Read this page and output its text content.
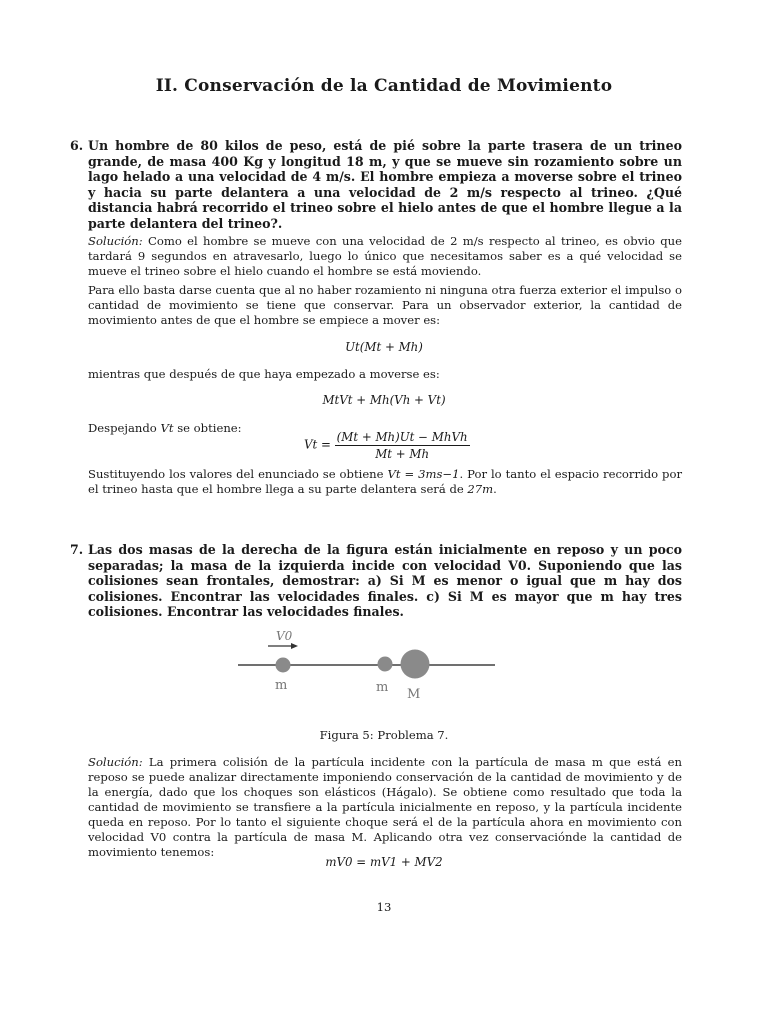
II. Conservación de la Cantidad de Movimiento
6. Un hombre de 80 kilos de peso, está de pié sobre la parte trasera de un trineo grande, de masa 400 Kg y longitud 18 m, y que se mueve sin rozamiento sobre un lago helado a una velocidad de 4 m/s. El hombre empieza a moverse sobre el trineo y hacia su parte delantera a una velocidad de 2 m/s respecto al trineo. ¿Qué distancia habrá recorrido el trineo sobre el hielo antes de que el hombre llegue a la parte delantera del trineo?.
Solución: Como el hombre se mueve con una velocidad de 2 m/s respecto al trineo, es obvio que tardará 9 segundos en atravesarlo, luego lo único que necesitamos saber es a qué velocidad se mueve el trineo sobre el hielo cuando el hombre se está moviendo.
Para ello basta darse cuenta que al no haber rozamiento ni ninguna otra fuerza exterior el impulso o cantidad de movimiento se tiene que conservar. Para un observador exterior, la cantidad de movimiento antes de que el hombre se empiece a mover es:
Ut(Mt + Mh)
mientras que después de que haya empezado a moverse es:
MtVt + Mh(Vh + Vt)
Despejando Vt se obtiene:
$Vt = \frac{\text{(Mt + Mh)Ut − MhVh}}{Mt + Mh}$
Sustituyendo los valores del enunciado se obtiene Vt = 3ms−1. Por lo tanto el espacio recorrido por el trineo hasta que el hombre llega a su parte delantera será de 27m.
7. Las dos masas de la derecha de la figura están inicialmente en reposo y un poco separadas; la masa de la izquierda incide con velocidad V0. Suponiendo que las colisiones sean frontales, demostrar: a) Si M es menor o igual que m hay dos colisiones. Encontrar las velocidades finales. c) Si M es mayor que m hay tres colisiones. Encontrar las velocidades finales.
V0
m	m M
Figura 5: Problema 7.
Solución: La primera colisión de la partícula incidente con la partícula de masa m que está en reposo se puede analizar directamente imponiendo conservación de la cantidad de movimiento y de la energía, dado que los choques son elásticos (Hágalo). Se obtiene como resultado que toda la cantidad de movimiento se transfiere a la partícula inicialmente en reposo, y la partícula incidente queda en reposo. Por lo tanto el siguiente choque será el de la partícula ahora en movimiento con velocidad V0 contra la partícula de masa M. Aplicando otra vez conservaciónde la cantidad de movimiento tenemos:
mV0 = mV1 + MV2
13
